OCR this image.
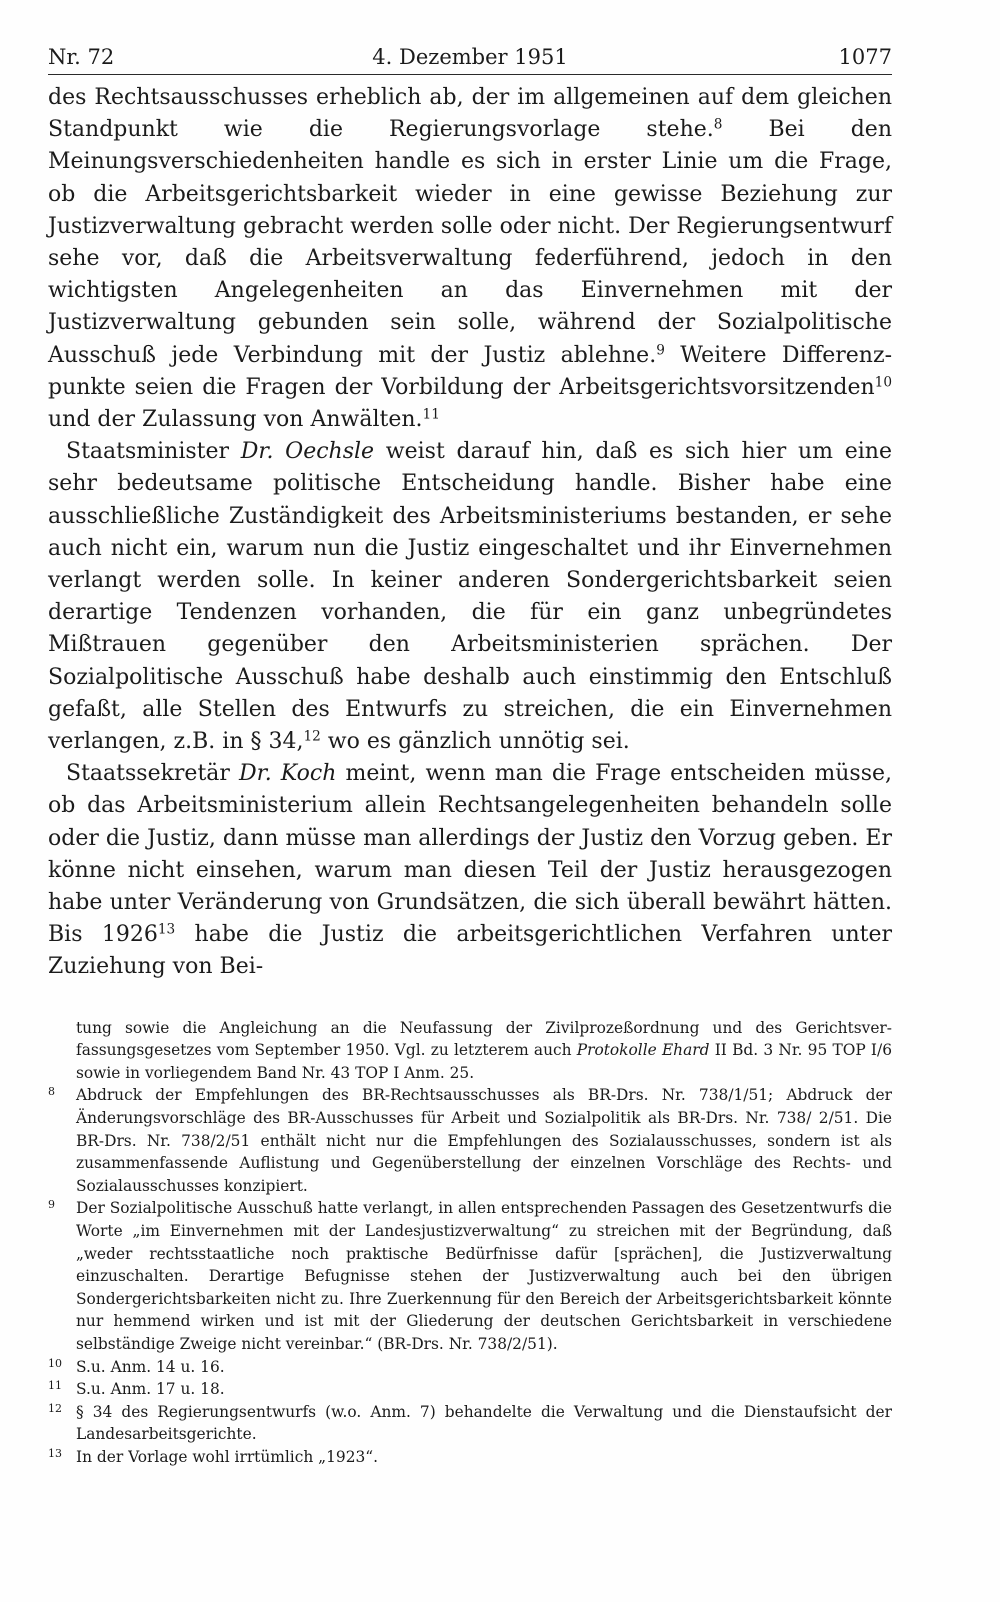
Nr. 72	4. Dezember 1951	1077

des Rechtsausschusses erheblich ab, der im allgemeinen auf dem gleichen Standpunkt wie die Regierungsvorlage stehe.$^8$ Bei den Meinungsverschiedenheiten handle es sich in erster Linie um die Frage, ob die Arbeitsgerichtsbarkeit wieder in eine gewisse Beziehung zur Justizverwaltung gebracht werden solle oder nicht. Der Regierungsentwurf sehe vor, daß die Arbeitsverwaltung federführend, jedoch in den wichtigsten Angelegenheiten an das Einvernehmen mit der Justizverwaltung gebunden sein solle, während der Sozialpolitische Ausschuß jede Verbindung mit der Justiz ablehne.$^9$ Weitere Differenzpunkte seien die Fragen der Vorbildung der Arbeitsgerichtsvorsitzenden$^{10}$ und der Zulassung von Anwälten.$^{11}$

Staatsminister Dr. Oechsle weist darauf hin, daß es sich hier um eine sehr bedeutsame politische Entscheidung handle. Bisher habe eine ausschließliche Zuständigkeit des Arbeitsministeriums bestanden, er sehe auch nicht ein, warum nun die Justiz eingeschaltet und ihr Einvernehmen verlangt werden solle. In keiner anderen Sondergerichtsbarkeit seien derartige Tendenzen vorhanden, die für ein ganz unbegründetes Mißtrauen gegenüber den Arbeitsministerien sprächen. Der Sozialpolitische Ausschuß habe deshalb auch einstimmig den Entschluß gefaßt, alle Stellen des Entwurfs zu streichen, die ein Einvernehmen verlangen, z.B. in § 34,12 wo es gänzlich unnötig sei.

Staatssekretär Dr. Koch meint, wenn man die Frage entscheiden müsse, ob das Arbeitsministerium allein Rechtsangelegenheiten behandeln solle oder die Justiz, dann müsse man allerdings der Justiz den Vorzug geben. Er könne nicht einsehen, warum man diesen Teil der Justiz herausgezogen habe unter Veränderung von Grundsätzen, die sich überall bewährt hätten. Bis 1926$^{13}$ habe die Justiz die arbeitsgerichtlichen Verfahren unter Zuziehung von Bei-

tung sowie die Angleichung an die Neufassung der Zivilprozeßordnung und des Gerichtsverfassungsgesetzes vom September 1950. Vgl. zu letzterem auch Protokolle Ehard II Bd. 3 Nr. 95 TOP I/6 sowie in vorliegendem Band Nr. 43 TOP I Anm. 25.
8 Abdruck der Empfehlungen des BR-Rechtsausschusses als BR-Drs. Nr. 738/1/51; Abdruck der Änderungsvorschläge des BR-Ausschusses für Arbeit und Sozialpolitik als BR-Drs. Nr. 738/ 2/51. Die BR-Drs. Nr. 738/2/51 enthält nicht nur die Empfehlungen des Sozialausschusses, sondern ist als zusammenfassende Auflistung und Gegenüberstellung der einzelnen Vorschläge des Rechts- und Sozialausschusses konzipiert.
9 Der Sozialpolitische Ausschuß hatte verlangt, in allen entsprechenden Passagen des Gesetzentwurfs die Worte „im Einvernehmen mit der Landesjustizverwaltung“ zu streichen mit der Begründung, daß „weder rechtsstaatliche noch praktische Bedürfnisse dafür [sprächen], die Justizverwaltung einzuschalten. Derartige Befugnisse stehen der Justizverwaltung auch bei den übrigen Sondergerichtsbarkeiten nicht zu. Ihre Zuerkennung für den Bereich der Arbeitsgerichtsbarkeit könnte nur hemmend wirken und ist mit der Gliederung der deutschen Gerichtsbarkeit in verschiedene selbständige Zweige nicht vereinbar.“ (BR-Drs. Nr. 738/2/51).
10 S.u. Anm. 14 u. 16.
11 S.u. Anm. 17 u. 18.
12 § 34 des Regierungsentwurfs (w.o. Anm. 7) behandelte die Verwaltung und die Dienstaufsicht der Landesarbeitsgerichte.
13 In der Vorlage wohl irrtümlich „1923“.
